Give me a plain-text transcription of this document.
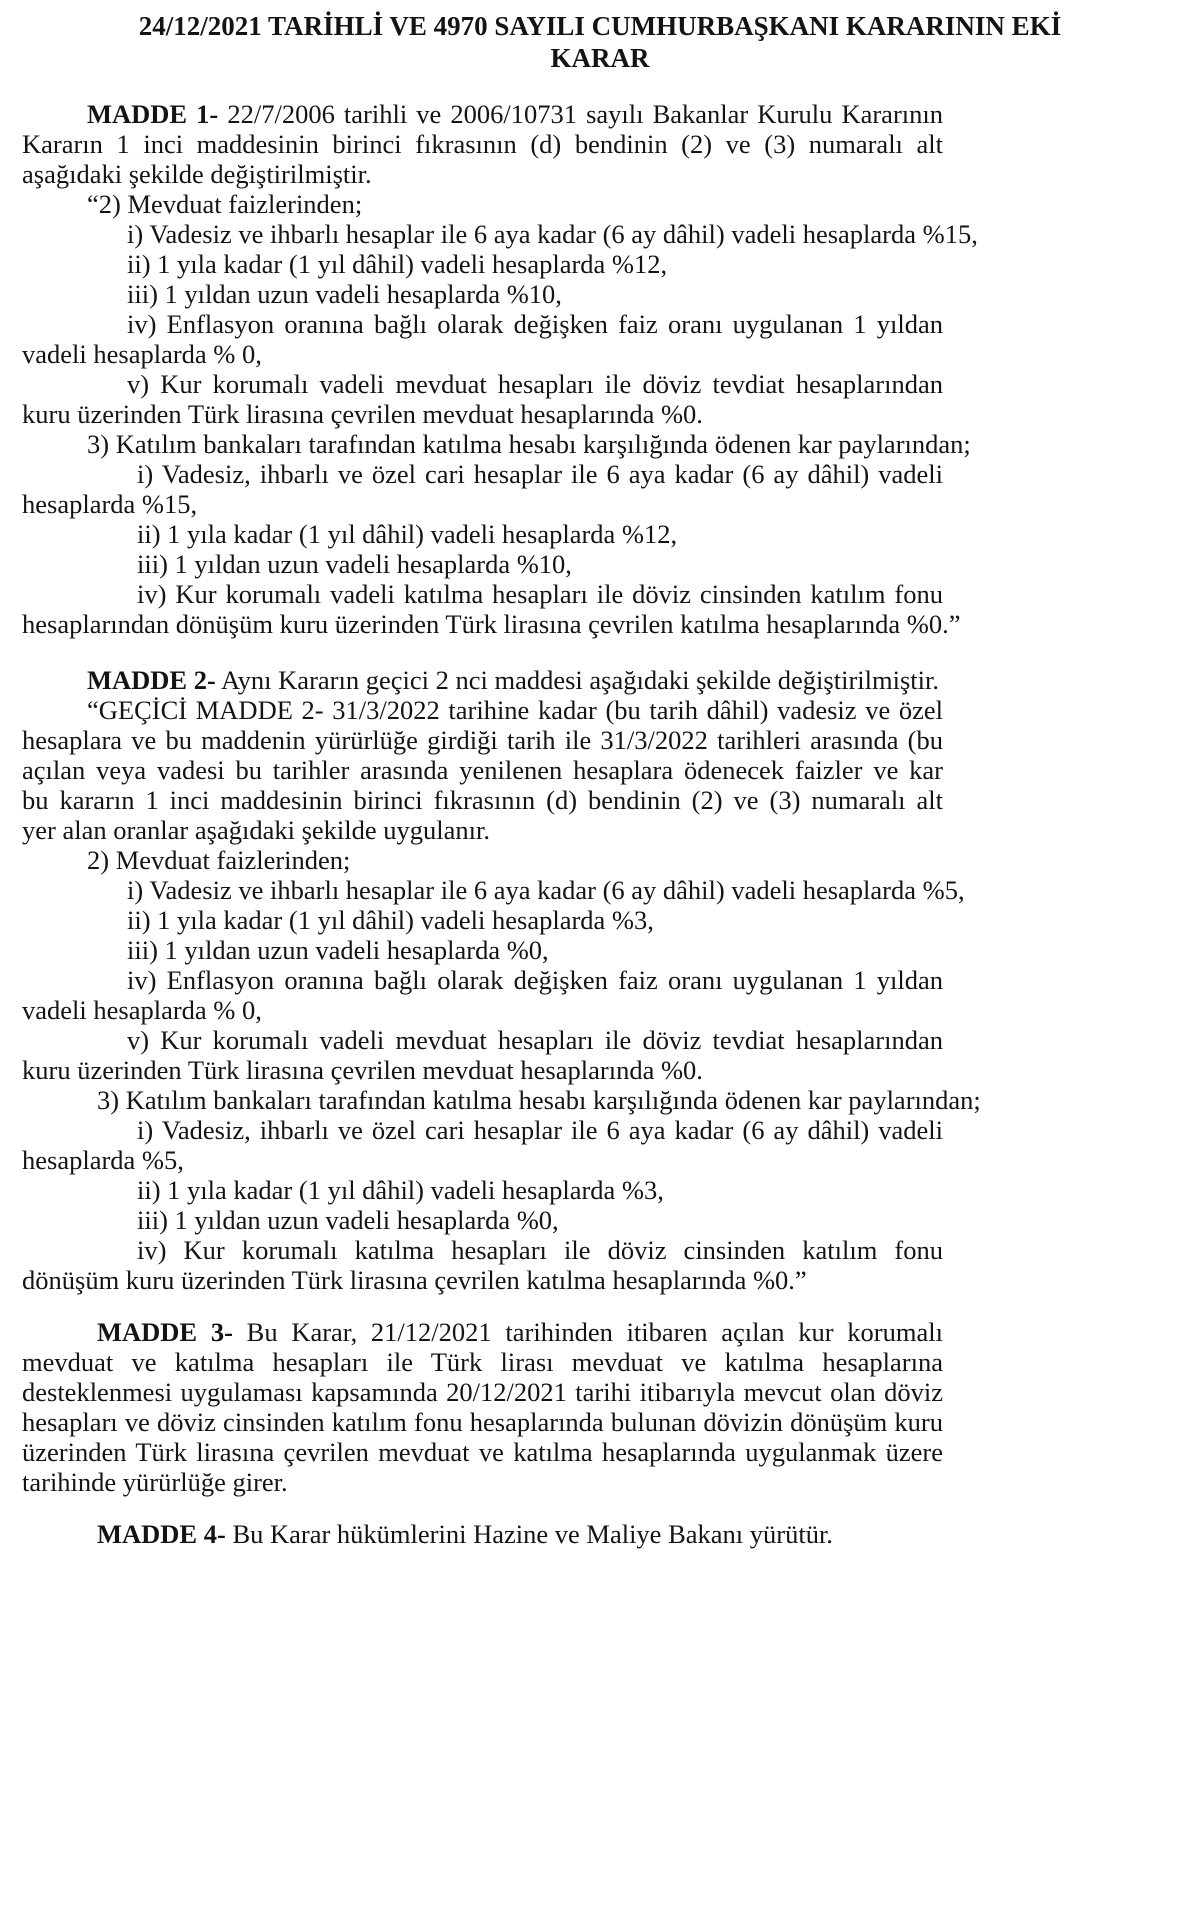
24/12/2021 TARİHLİ VE 4970 SAYILI CUMHURBAŞKANI KARARININ EKİ
KARAR
MADDE 1- 22/7/2006 tarihli ve 2006/10731 sayılı Bakanlar Kurulu Kararının
Kararın 1 inci maddesinin birinci fıkrasının (d) bendinin (2) ve (3) numaralı alt
aşağıdaki şekilde değiştirilmiştir.
“2) Mevduat faizlerinden;
i) Vadesiz ve ihbarlı hesaplar ile 6 aya kadar (6 ay dâhil) vadeli hesaplarda %15,
ii) 1 yıla kadar (1 yıl dâhil) vadeli hesaplarda %12,
iii) 1 yıldan uzun vadeli hesaplarda %10,
iv) Enflasyon oranına bağlı olarak değişken faiz oranı uygulanan 1 yıldan
vadeli hesaplarda % 0,
v) Kur korumalı vadeli mevduat hesapları ile döviz tevdiat hesaplarından
kuru üzerinden Türk lirasına çevrilen mevduat hesaplarında %0.
3) Katılım bankaları tarafından katılma hesabı karşılığında ödenen kar paylarından;
i) Vadesiz, ihbarlı ve özel cari hesaplar ile 6 aya kadar (6 ay dâhil) vadeli
hesaplarda %15,
ii) 1 yıla kadar (1 yıl dâhil) vadeli hesaplarda %12,
iii) 1 yıldan uzun vadeli hesaplarda %10,
iv) Kur korumalı vadeli katılma hesapları ile döviz cinsinden katılım fonu
hesaplarından dönüşüm kuru üzerinden Türk lirasına çevrilen katılma hesaplarında %0.”
MADDE 2- Aynı Kararın geçici 2 nci maddesi aşağıdaki şekilde değiştirilmiştir.
“GEÇİCİ MADDE 2- 31/3/2022 tarihine kadar (bu tarih dâhil) vadesiz ve özel
hesaplara ve bu maddenin yürürlüğe girdiği tarih ile 31/3/2022 tarihleri arasında (bu
açılan veya vadesi bu tarihler arasında yenilenen hesaplara ödenecek faizler ve kar
bu kararın 1 inci maddesinin birinci fıkrasının (d) bendinin (2) ve (3) numaralı alt
yer alan oranlar aşağıdaki şekilde uygulanır.
2) Mevduat faizlerinden;
i) Vadesiz ve ihbarlı hesaplar ile 6 aya kadar (6 ay dâhil) vadeli hesaplarda %5,
ii) 1 yıla kadar (1 yıl dâhil) vadeli hesaplarda %3,
iii) 1 yıldan uzun vadeli hesaplarda %0,
iv) Enflasyon oranına bağlı olarak değişken faiz oranı uygulanan 1 yıldan
vadeli hesaplarda % 0,
v) Kur korumalı vadeli mevduat hesapları ile döviz tevdiat hesaplarından
kuru üzerinden Türk lirasına çevrilen mevduat hesaplarında %0.
3) Katılım bankaları tarafından katılma hesabı karşılığında ödenen kar paylarından;
i) Vadesiz, ihbarlı ve özel cari hesaplar ile 6 aya kadar (6 ay dâhil) vadeli
hesaplarda %5,
ii) 1 yıla kadar (1 yıl dâhil) vadeli hesaplarda %3,
iii) 1 yıldan uzun vadeli hesaplarda %0,
iv) Kur korumalı katılma hesapları ile döviz cinsinden katılım fonu
dönüşüm kuru üzerinden Türk lirasına çevrilen katılma hesaplarında %0.”
MADDE 3- Bu Karar, 21/12/2021 tarihinden itibaren açılan kur korumalı
mevduat ve katılma hesapları ile Türk lirası mevduat ve katılma hesaplarına
desteklenmesi uygulaması kapsamında 20/12/2021 tarihi itibarıyla mevcut olan döviz
hesapları ve döviz cinsinden katılım fonu hesaplarında bulunan dövizin dönüşüm kuru
üzerinden Türk lirasına çevrilen mevduat ve katılma hesaplarında uygulanmak üzere
tarihinde yürürlüğe girer.
MADDE 4- Bu Karar hükümlerini Hazine ve Maliye Bakanı yürütür.
